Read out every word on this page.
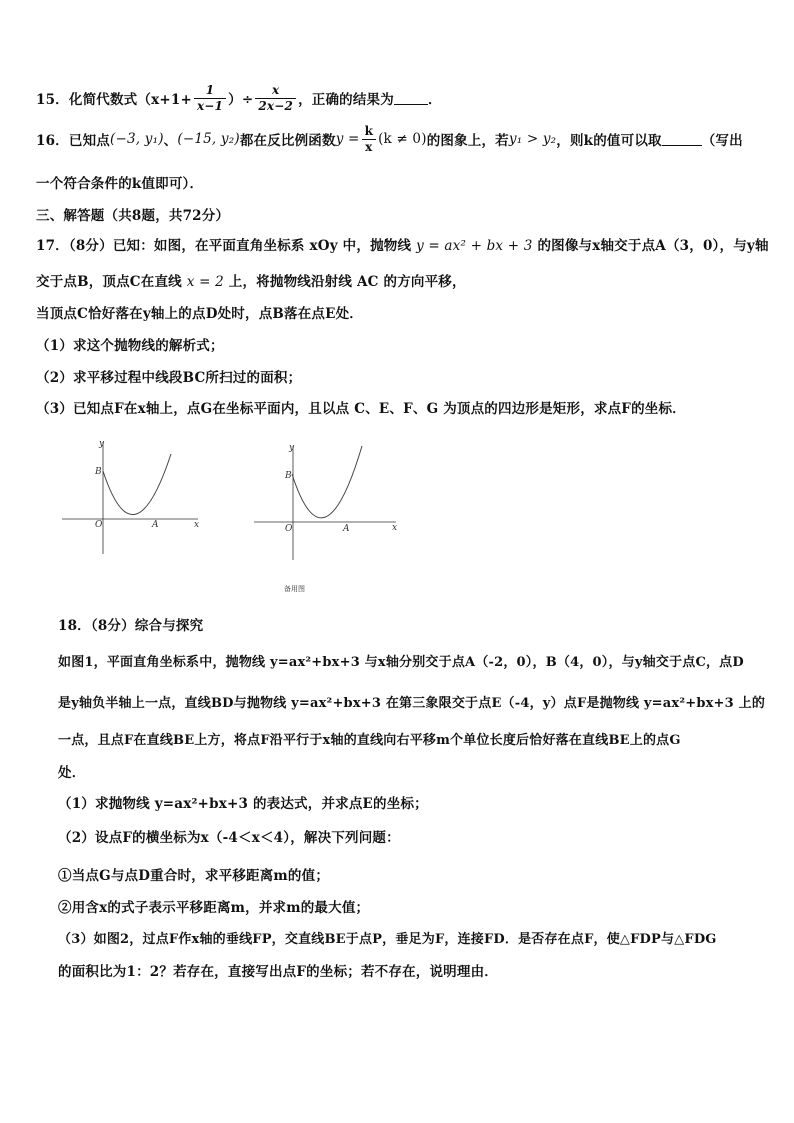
15．化简代数式（$x+1+ \frac{1}{x-1}$ ）÷ $\frac{x}{2x-2}$ ，正确的结果为	．
16．已知点 (−3, y₁) 、 (−15, y₂) 都在反比例函数 $y = \frac{k}{x} (k \ne 0)$ 的图象上，若 y₁ > y₂ ，则k的值可以取	（写出
一个符合条件的k值即可）．
三、解答题（共8题，共72分）
17．（8分）已知：如图，在平面直角坐标系 xOy 中，抛物线 y = ax² + bx + 3 的图像与x轴交于点A（3，0），与y轴
交于点B，顶点C在直线 x = 2 上，将抛物线沿射线 AC 的方向平移，
当顶点C恰好落在y轴上的点D处时，点B落在点E处．
（1）求这个抛物线的解析式；
（2）求平移过程中线段BC所扫过的面积；
（3）已知点F在x轴上，点G在坐标平面内，且以点 C、E、F、G 为顶点的四边形是矩形，求点F的坐标．
y
x
O
B
A
y
x
O
B
A
备用图
18．（8分）综合与探究
如图1，平面直角坐标系中，抛物线 y=ax²+bx+3 与x轴分别交于点A（-2，0），B（4，0），与y轴交于点C，点D
是y轴负半轴上一点，直线BD与抛物线 y=ax²+bx+3 在第三象限交于点E（-4，y）点F是抛物线 y=ax²+bx+3 上的
一点，且点F在直线BE上方，将点F沿平行于x轴的直线向右平移m个单位长度后恰好落在直线BE上的点G
处．
（1）求抛物线 y=ax²+bx+3 的表达式，并求点E的坐标；
（2）设点F的横坐标为x（-4＜x＜4），解决下列问题：
①当点G与点D重合时，求平移距离m的值；
②用含x的式子表示平移距离m，并求m的最大值；
（3）如图2，过点F作x轴的垂线FP，交直线BE于点P，垂足为F，连接FD．是否存在点F，使△FDP与△FDG
的面积比为1：2？若存在，直接写出点F的坐标；若不存在，说明理由．
